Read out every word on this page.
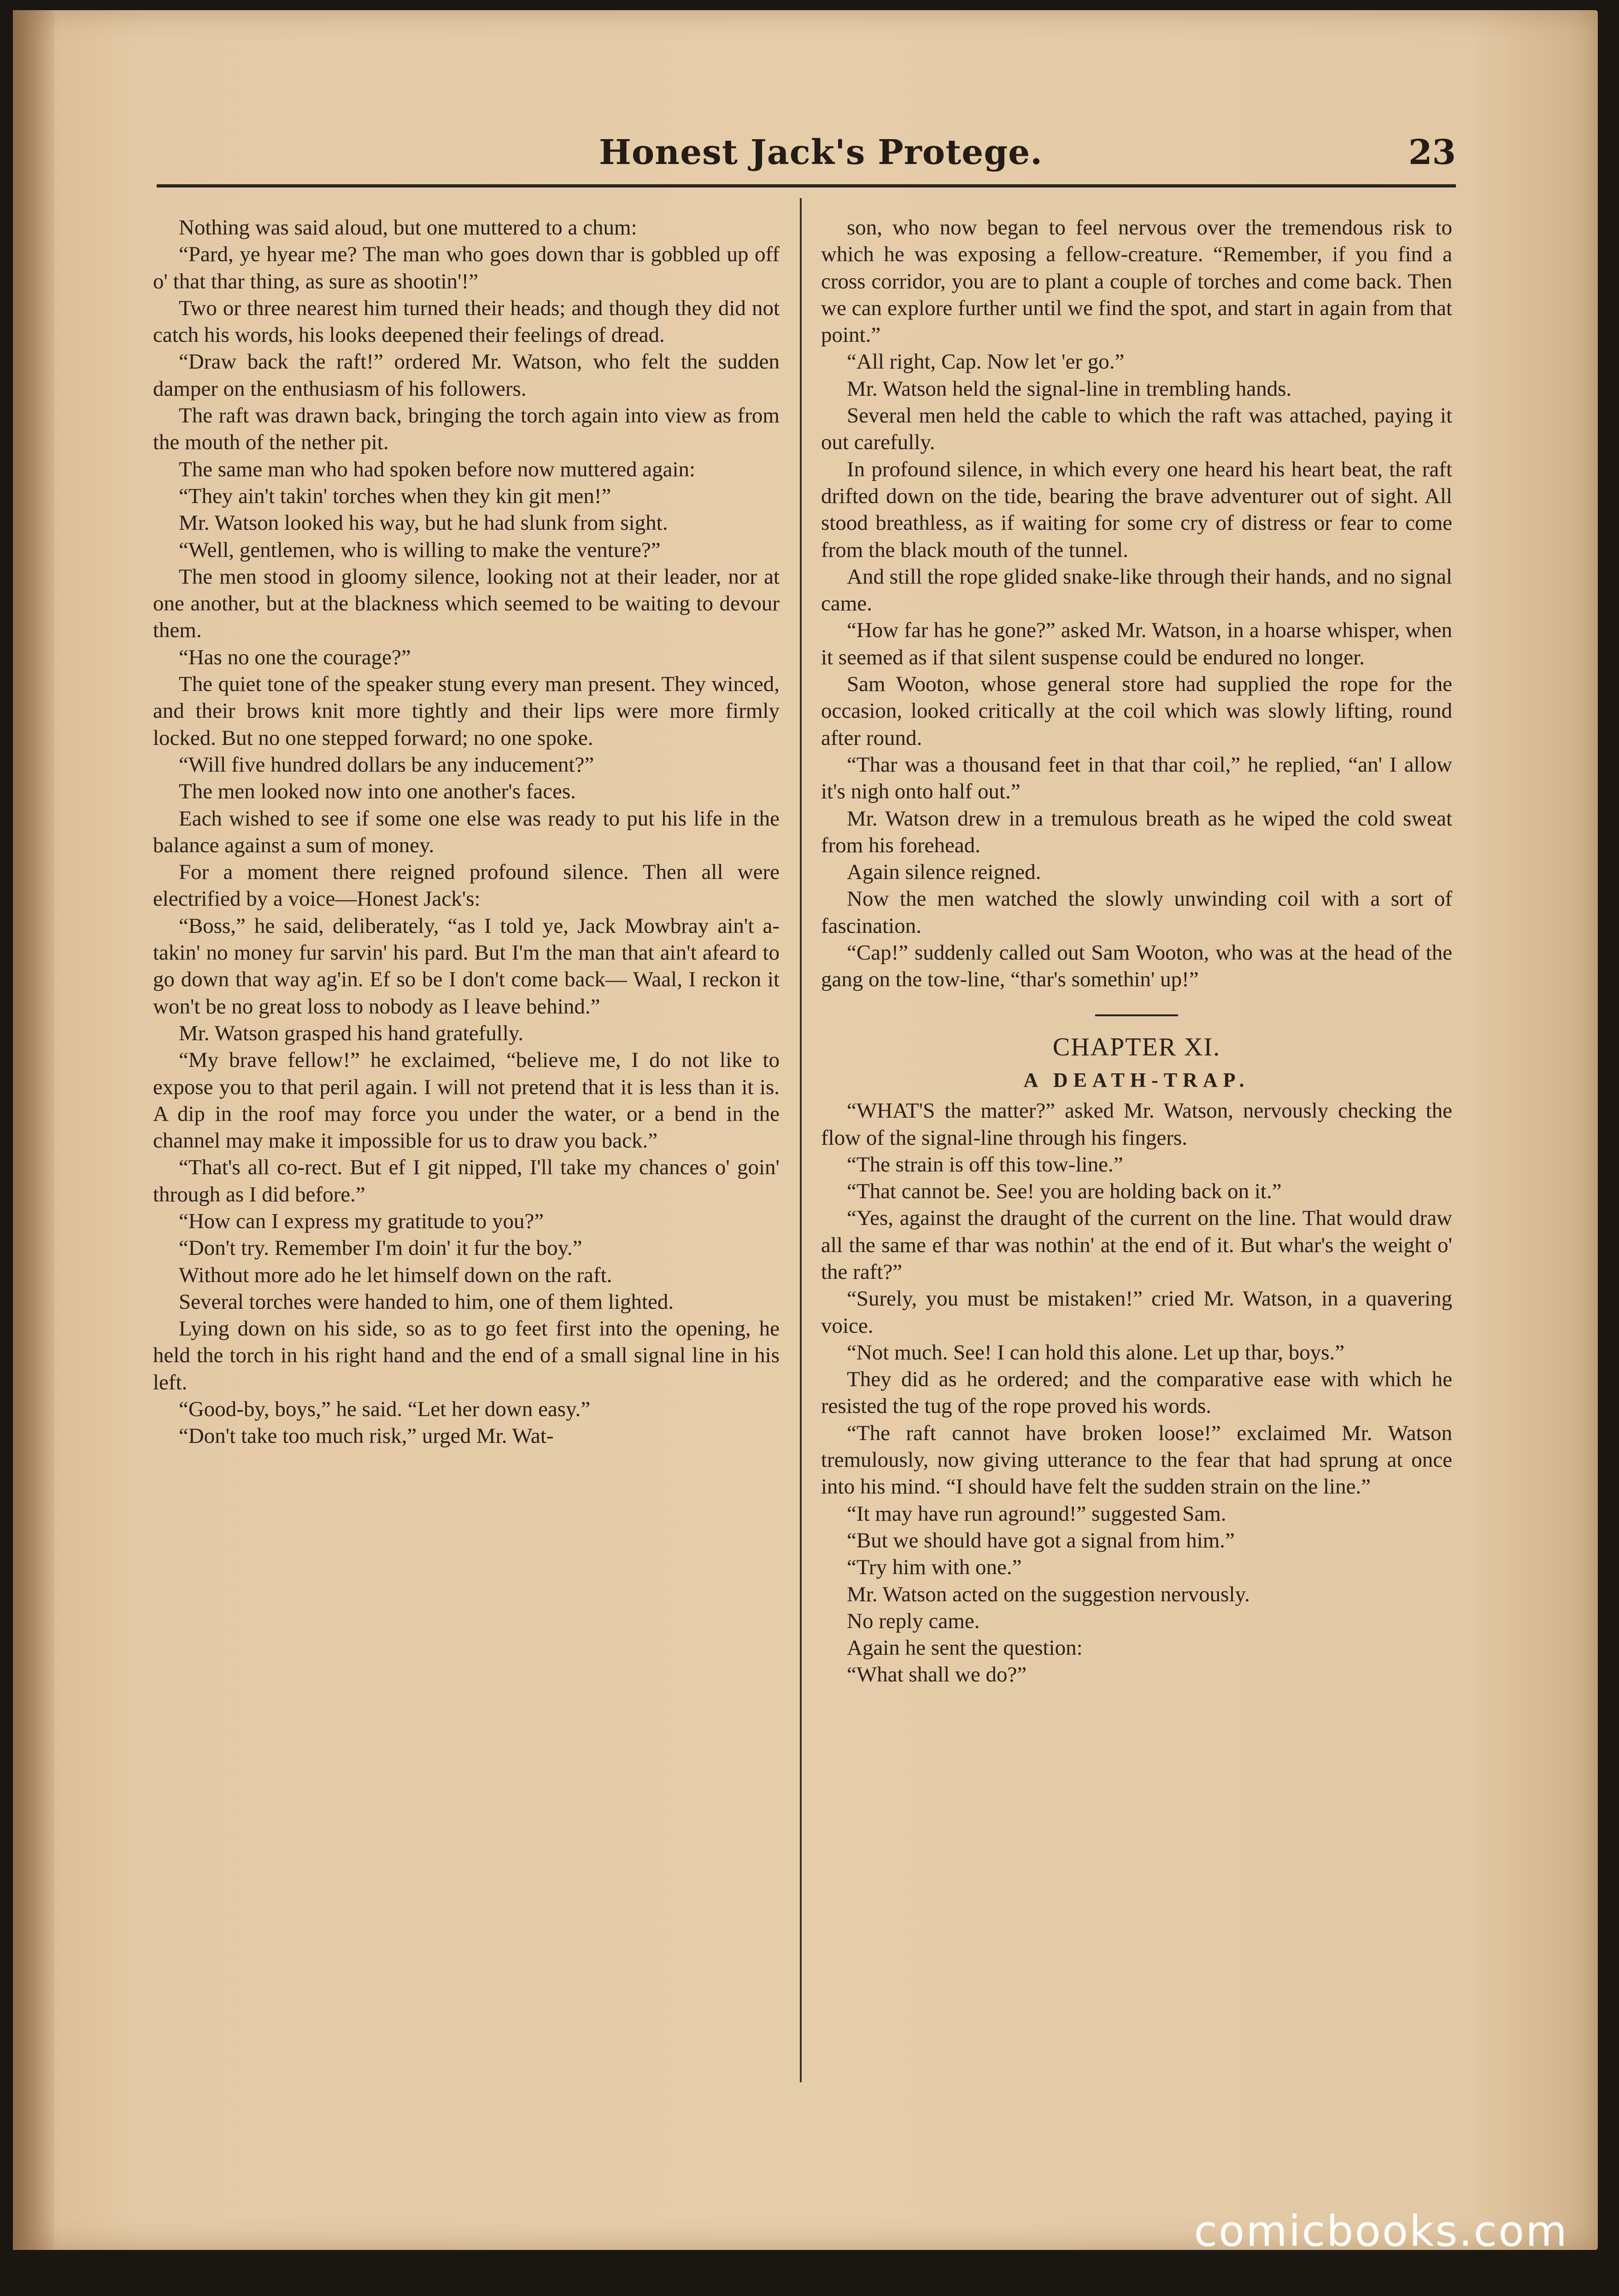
Honest Jack's Protege.	23

Nothing was said aloud, but one muttered to a chum:

“Pard, ye hyear me? The man who goes down thar is gobbled up off o' that thar thing, as sure as shootin'!”

Two or three nearest him turned their heads; and though they did not catch his words, his looks deepened their feelings of dread.

“Draw back the raft!” ordered Mr. Watson, who felt the sudden damper on the enthusiasm of his followers.

The raft was drawn back, bringing the torch again into view as from the mouth of the nether pit.

The same man who had spoken before now muttered again:

“They ain't takin' torches when they kin git men!”

Mr. Watson looked his way, but he had slunk from sight.

“Well, gentlemen, who is willing to make the venture?”

The men stood in gloomy silence, looking not at their leader, nor at one another, but at the blackness which seemed to be waiting to devour them.

“Has no one the courage?”

The quiet tone of the speaker stung every man present. They winced, and their brows knit more tightly and their lips were more firmly locked. But no one stepped forward; no one spoke.

“Will five hundred dollars be any inducement?”

The men looked now into one another's faces.

Each wished to see if some one else was ready to put his life in the balance against a sum of money.

For a moment there reigned profound silence. Then all were electrified by a voice—Honest Jack's:

“Boss,” he said, deliberately, “as I told ye, Jack Mowbray ain't a-takin' no money fur sarvin' his pard. But I'm the man that ain't afeard to go down that way ag'in. Ef so be I don't come back— Waal, I reckon it won't be no great loss to nobody as I leave behind.”

Mr. Watson grasped his hand gratefully.

“My brave fellow!” he exclaimed, “believe me, I do not like to expose you to that peril again. I will not pretend that it is less than it is. A dip in the roof may force you under the water, or a bend in the channel may make it impossible for us to draw you back.”

“That's all co-rect. But ef I git nipped, I'll take my chances o' goin' through as I did before.”

“How can I express my gratitude to you?”

“Don't try. Remember I'm doin' it fur the boy.”

Without more ado he let himself down on the raft.

Several torches were handed to him, one of them lighted.

Lying down on his side, so as to go feet first into the opening, he held the torch in his right hand and the end of a small signal line in his left.

“Good-by, boys,” he said. “Let her down easy.”

“Don't take too much risk,” urged Mr. Wat-

son, who now began to feel nervous over the tremendous risk to which he was exposing a fellow-creature. “Remember, if you find a cross corridor, you are to plant a couple of torches and come back. Then we can explore further until we find the spot, and start in again from that point.”

“All right, Cap. Now let 'er go.”

Mr. Watson held the signal-line in trembling hands.

Several men held the cable to which the raft was attached, paying it out carefully.

In profound silence, in which every one heard his heart beat, the raft drifted down on the tide, bearing the brave adventurer out of sight. All stood breathless, as if waiting for some cry of distress or fear to come from the black mouth of the tunnel.

And still the rope glided snake-like through their hands, and no signal came.

“How far has he gone?” asked Mr. Watson, in a hoarse whisper, when it seemed as if that silent suspense could be endured no longer.

Sam Wooton, whose general store had supplied the rope for the occasion, looked critically at the coil which was slowly lifting, round after round.

“Thar was a thousand feet in that thar coil,” he replied, “an' I allow it's nigh onto half out.”

Mr. Watson drew in a tremulous breath as he wiped the cold sweat from his forehead.

Again silence reigned.

Now the men watched the slowly unwinding coil with a sort of fascination.

“Cap!” suddenly called out Sam Wooton, who was at the head of the gang on the tow-line, “thar's somethin' up!”

CHAPTER XI.
A DEATH-TRAP.

“WHAT'S the matter?” asked Mr. Watson, nervously checking the flow of the signal-line through his fingers.

“The strain is off this tow-line.”

“That cannot be. See! you are holding back on it.”

“Yes, against the draught of the current on the line. That would draw all the same ef thar was nothin' at the end of it. But whar's the weight o' the raft?”

“Surely, you must be mistaken!” cried Mr. Watson, in a quavering voice.

“Not much. See! I can hold this alone. Let up thar, boys.”

They did as he ordered; and the comparative ease with which he resisted the tug of the rope proved his words.

“The raft cannot have broken loose!” exclaimed Mr. Watson tremulously, now giving utterance to the fear that had sprung at once into his mind. “I should have felt the sudden strain on the line.”

“It may have run aground!” suggested Sam.

“But we should have got a signal from him.”

“Try him with one.”

Mr. Watson acted on the suggestion nervously.

No reply came.

Again he sent the question:

“What shall we do?”

comicbooks.com
